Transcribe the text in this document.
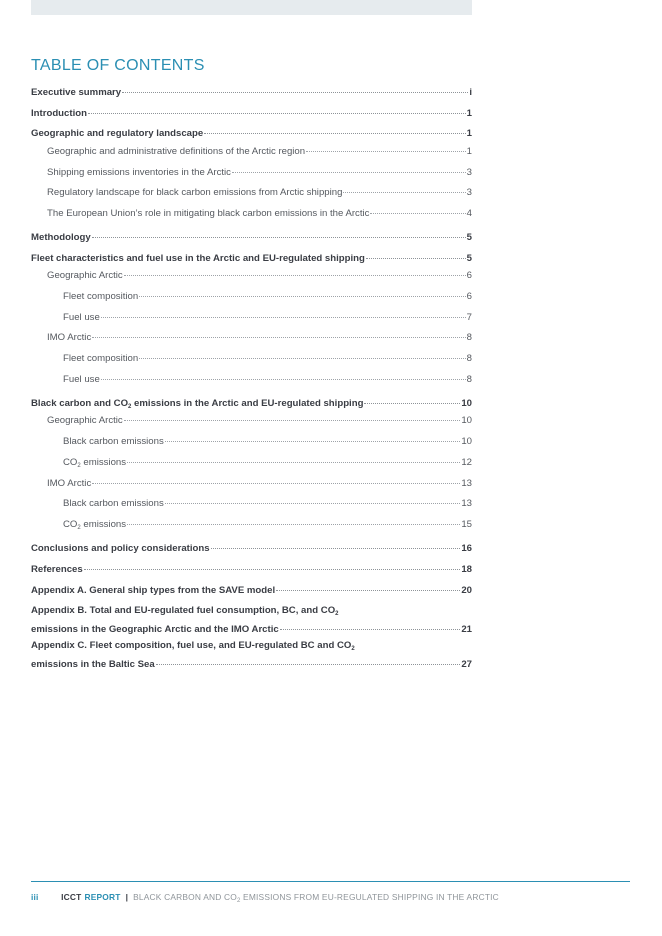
TABLE OF CONTENTS
Executive summary	i
Introduction	1
Geographic and regulatory landscape	1
Geographic and administrative definitions of the Arctic region	1
Shipping emissions inventories in the Arctic	3
Regulatory landscape for black carbon emissions from Arctic shipping	3
The European Union’s role in mitigating black carbon emissions in the Arctic	4
Methodology	5
Fleet characteristics and fuel use in the Arctic and EU-regulated shipping	5
Geographic Arctic	6
Fleet composition	6
Fuel use	7
IMO Arctic	8
Fleet composition	8
Fuel use	8
Black carbon and $CO_2$ emissions in the Arctic and EU-regulated shipping	10
Geographic Arctic	10
Black carbon emissions	10
$CO_2$ emissions	12
IMO Arctic	13
Black carbon emissions	13
$CO_2$ emissions	15
Conclusions and policy considerations	16
References	18
Appendix A. General ship types from the SAVE model	20
Appendix B. Total and EU-regulated fuel consumption, BC, and $CO_2$
emissions in the Geographic Arctic and the IMO Arctic	21
Appendix C. Fleet composition, fuel use, and EU-regulated BC and $CO_2$
emissions in the Baltic Sea	27
iii	ICCT REPORT | BLACK CARBON AND $CO_2$ EMISSIONS FROM EU-REGULATED SHIPPING IN THE ARCTIC
